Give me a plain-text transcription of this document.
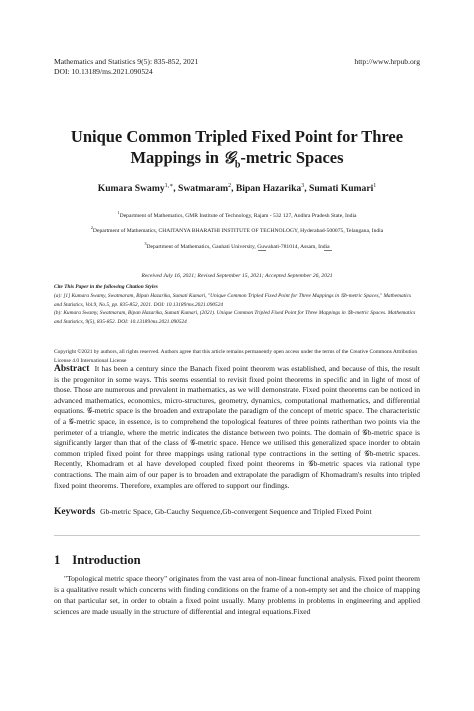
Mathematics and Statistics 9(5): 835-852, 2021
DOI: 10.13189/ms.2021.090524
http://www.hrpub.org
Unique Common Tripled Fixed Point for Three
Mappings in 𝒢$_b$-metric Spaces
Kumara Swamy$^{1,∗}$, Swatmaram$^2$, Bipan Hazarika$^3$, Sumati Kumari$^1$
$^1$Department of Mathematics, GMR Institute of Technology, Rajam - 532 127, Andhra Pradesh State, India
$^2$Department of Mathematics, CHAITANYA BHARATHI INSTITUTE OF TECHNOLOGY, Hyderabad-500075, Telangana, India
$^3$Department of Mathematics, Gauhati University, Guwahati-781014, Assam, India
Received July 16, 2021; Revised September 15, 2021; Accepted September 26, 2021
Cite This Paper in the following Citation Styles
(a): [1] Kumara Swamy, Swatmaram, Bipan Hazarika, Sumati Kumari, "Unique Common Tripled Fixed Point for Three Mappings in 𝒢b-metric Spaces," Mathematics and Statistics, Vol.9, No.5, pp. 835-852, 2021. DOI: 10.13189/ms.2021.090524
(b): Kumara Swamy, Swatmaram, Bipan Hazarika, Sumati Kumari, (2021). Unique Common Tripled Fixed Point for Three Mappings in 𝒢b-metric Spaces. Mathematics and Statistics, 9(5), 835-852. DOI: 10.13189/ms.2021.090524
Copyright ©2021 by authors, all rights reserved. Authors agree that this article remains permanently open access under the terms of the Creative Commons Attribution License 4.0 International License
Abstract It has been a century since the Banach fixed point theorem was established, and because of this, the result is the progenitor in some ways. This seems essential to revisit fixed point theorems in specific and in light of most of those. Those are numerous and prevalent in mathematics, as we will demonstrate. Fixed point theorems can be noticed in advanced mathematics, economics, micro-structures, geometry, dynamics, computational mathematics, and differential equations. 𝒢-metric space is the broaden and extrapolate the paradigm of the concept of metric space. The characteristic of a 𝒢-metric space, in essence, is to comprehend the topological features of three points ratherthan two points via the perimeter of a triangle, where the metric indicates the distance between two points. The domain of 𝒢b-metric space is significantly larger than that of the class of 𝒢-metric space. Hence we utilised this generalized space inorder to obtain common tripled fixed point for three mappings using rational type contractions in the setting of 𝒢b-metric spaces. Recently, Khomadram et al have developed coupled fixed point theorems in 𝒢b-metric spaces via rational type contractions. The main aim of our paper is to broaden and extrapolate the paradigm of Khomadram's results into tripled fixed point theorems. Therefore, examples are offered to support our findings.
Keywords Gb-metric Space, Gb-Cauchy Sequence,Gb-convergent Sequence and Tripled Fixed Point
1 Introduction
"Topological metric space theory" originates from the vast area of non-linear functional analysis. Fixed point theorem is a qualitative result which concerns with finding conditions on the frame of a non-empty set and the choice of mapping on that particular set, in order to obtain a fixed point usually. Many problems in problems in engineering and applied sciences are made usually in the structure of differential and integral equations.Fixed
